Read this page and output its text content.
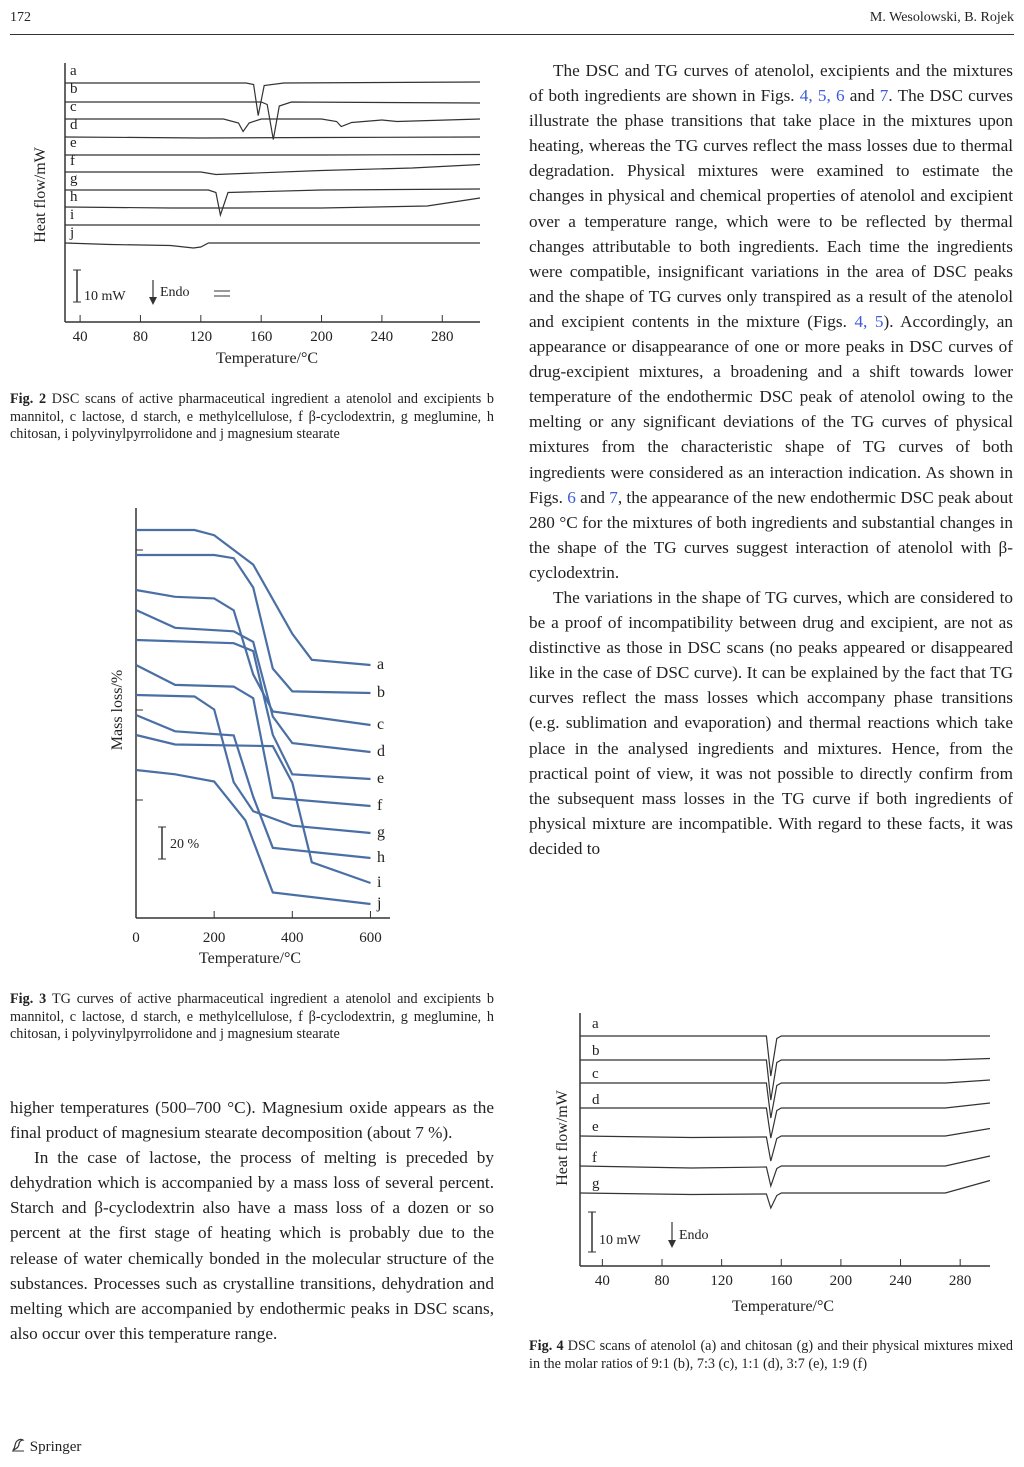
172	M. Wesolowski, B. Rojek
a
b
c
d
e
f
g
h
i
j
40	80	120	160	200	240	280
10 mW Endo
Temperature/°C
Heat flow/mW
Fig. 2 DSC scans of active pharmaceutical ingredient a atenolol and excipients b mannitol, c lactose, d starch, e methylcellulose, f β-cyclodextrin, g meglumine, h chitosan, i polyvinylpyrrolidone and j magnesium stearate
a
b
c
d
e
f
g
h
i
j
0	200	400	600
20 %
Temperature/°C
Mass loss/%
Fig. 3 TG curves of active pharmaceutical ingredient a atenolol and excipients b mannitol, c lactose, d starch, e methylcellulose, f β-cyclodextrin, g meglumine, h chitosan, i polyvinylpyrrolidone and j magnesium stearate

higher temperatures (500–700 °C). Magnesium oxide appears as the final product of magnesium stearate decomposition (about 7 %).

In the case of lactose, the process of melting is preceded by dehydration which is accompanied by a mass loss of several percent. Starch and β-cyclodextrin also have a mass loss of a dozen or so percent at the first stage of heating which is probably due to the release of water chemically bonded in the molecular structure of the substances. Processes such as crystalline transitions, dehydration and melting which are accompanied by endothermic peaks in DSC scans, also occur over this temperature range.

The DSC and TG curves of atenolol, excipients and the mixtures of both ingredients are shown in Figs. 4, 5, 6 and 7. The DSC curves illustrate the phase transitions that take place in the mixtures upon heating, whereas the TG curves reflect the mass losses due to thermal degradation. Physical mixtures were examined to estimate the changes in physical and chemical properties of atenolol and excipient over a temperature range, which were to be reflected by thermal changes attributable to both ingredients. Each time the ingredients were compatible, insignificant variations in the area of DSC peaks and the shape of TG curves only transpired as a result of the atenolol and excipient contents in the mixture (Figs. 4, 5). Accordingly, an appearance or disappearance of one or more peaks in DSC curves of drug-excipient mixtures, a broadening and a shift towards lower temperature of the endothermic DSC peak of atenolol owing to the melting or any significant deviations of the TG curves of physical mixtures from the characteristic shape of TG curves of both ingredients were considered as an interaction indication. As shown in Figs. 6 and 7, the appearance of the new endothermic DSC peak about 280 °C for the mixtures of both ingredients and substantial changes in the shape of the TG curves suggest interaction of atenolol with β-cyclodextrin.

The variations in the shape of TG curves, which are considered to be a proof of incompatibility between drug and excipient, are not as distinctive as those in DSC scans (no peaks appeared or disappeared like in the case of DSC curve). It can be explained by the fact that TG curves reflect the mass losses which accompany phase transitions (e.g. sublimation and evaporation) and thermal reactions which take place in the analysed ingredients and mixtures. Hence, from the practical point of view, it was not possible to directly confirm from the subsequent mass losses in the TG curve if both ingredients of physical mixture are incompatible. With regard to these facts, it was decided to

a
b
c
d
e
f
g
40	80	120 160 200 240 280
10 mW	Endo
Temperature/°C
Heat flow/mW
Fig. 4 DSC scans of atenolol (a) and chitosan (g) and their physical mixtures mixed in the molar ratios of 9:1 (b), 7:3 (c), 1:1 (d), 3:7 (e), 1:9 (f)
Springer
